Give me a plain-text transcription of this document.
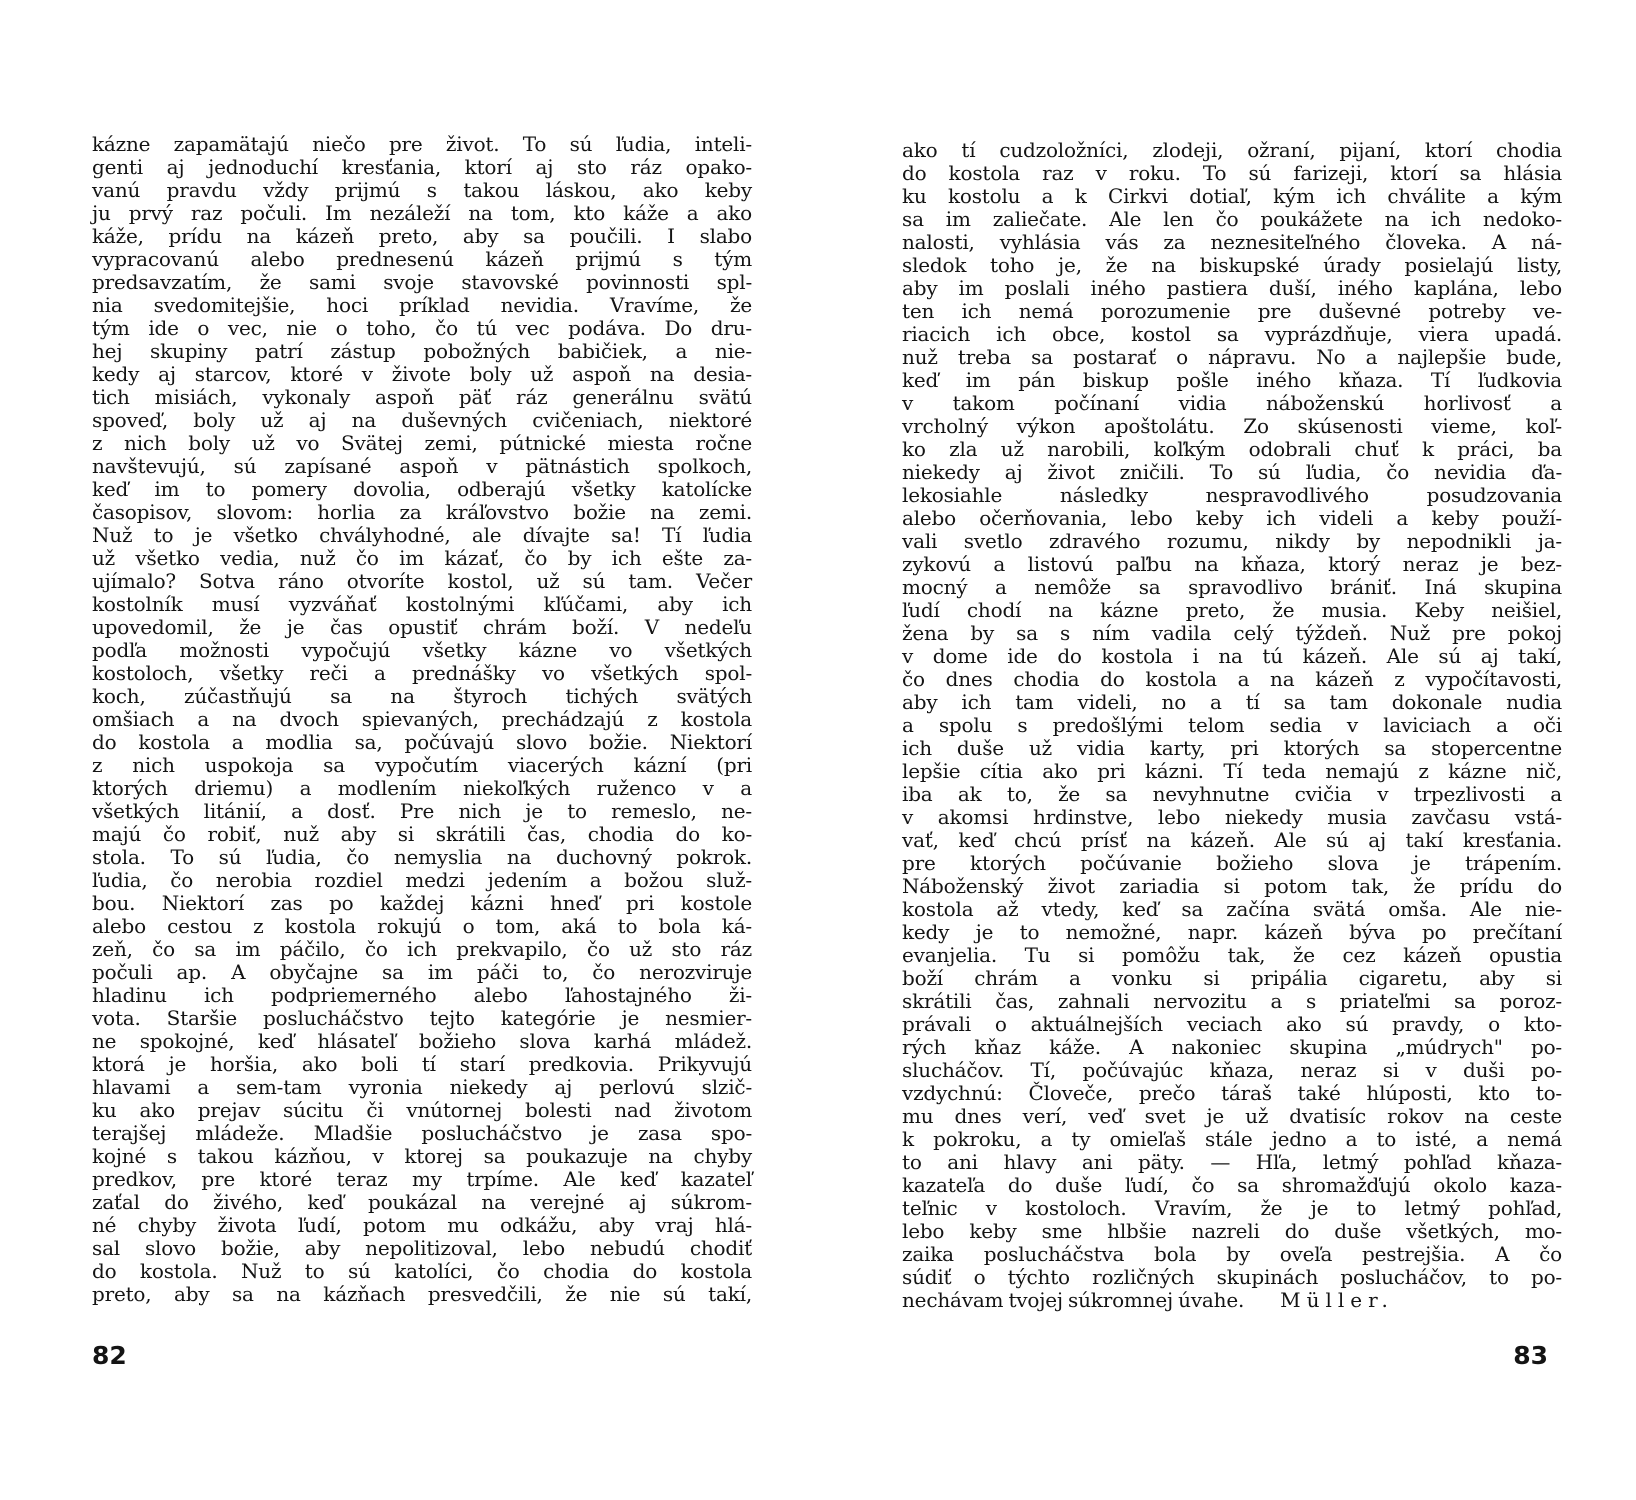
kázne zapamätajú niečo pre život. To sú ľudia, inteli-
genti aj jednoduchí kresťania, ktorí aj sto ráz opako-
vanú pravdu vždy prijmú s takou láskou, ako keby
ju prvý raz počuli. Im nezáleží na tom, kto káže a ako
káže, prídu na kázeň preto, aby sa poučili. I slabo
vypracovanú alebo prednesenú kázeň prijmú s tým
predsavzatím, že sami svoje stavovské povinnosti spl-
nia svedomitejšie, hoci príklad nevidia. Vravíme, že
tým ide o vec, nie o toho, čo tú vec podáva. Do dru-
hej skupiny patrí zástup pobožných babičiek, a nie-
kedy aj starcov, ktoré v živote boly už aspoň na desia-
tich misiách, vykonaly aspoň päť ráz generálnu svätú
spoveď, boly už aj na duševných cvičeniach, niektoré
z nich boly už vo Svätej zemi, pútnické miesta ročne
navštevujú, sú zapísané aspoň v pätnástich spolkoch,
keď im to pomery dovolia, odberajú všetky katolícke
časopisov, slovom: horlia za kráľovstvo božie na zemi.
Nuž to je všetko chvályhodné, ale dívajte sa! Tí ľudia
už všetko vedia, nuž čo im kázať, čo by ich ešte za-
ujímalo? Sotva ráno otvoríte kostol, už sú tam. Večer
kostolník musí vyzváňať kostolnými kľúčami, aby ich
upovedomil, že je čas opustiť chrám boží. V nedeľu
podľa možnosti vypočujú všetky kázne vo všetkých
kostoloch, všetky reči a prednášky vo všetkých spol-
koch, zúčastňujú sa na štyroch tichých svätých
omšiach a na dvoch spievaných, prechádzajú z kostola
do kostola a modlia sa, počúvajú slovo božie. Niektorí
z nich uspokoja sa vypočutím viacerých kázní (pri
ktorých driemu) a modlením niekoľkých ruženco v a
všetkých litánií, a dosť. Pre nich je to remeslo, ne-
majú čo robiť, nuž aby si skrátili čas, chodia do ko-
stola. To sú ľudia, čo nemyslia na duchovný pokrok.
ľudia, čo nerobia rozdiel medzi jedením a božou služ-
bou. Niektorí zas po každej kázni hneď pri kostole
alebo cestou z kostola rokujú o tom, aká to bola ká-
zeň, čo sa im páčilo, čo ich prekvapilo, čo už sto ráz
počuli ap. A obyčajne sa im páči to, čo nerozviruje
hladinu ich podpriemerného alebo ľahostajného ži-
vota. Staršie poslucháčstvo tejto kategórie je nesmier-
ne spokojné, keď hlásateľ božieho slova karhá mládež.
ktorá je horšia, ako boli tí starí predkovia. Prikyvujú
hlavami a sem-tam vyronia niekedy aj perlovú slzič-
ku ako prejav súcitu či vnútornej bolesti nad životom
terajšej mládeže. Mladšie poslucháčstvo je zasa spo-
kojné s takou kázňou, v ktorej sa poukazuje na chyby
predkov, pre ktoré teraz my trpíme. Ale keď kazateľ
zaťal do živého, keď poukázal na verejné aj súkrom-
né chyby života ľudí, potom mu odkážu, aby vraj hlá-
sal slovo božie, aby nepolitizoval, lebo nebudú chodiť
do kostola. Nuž to sú katolíci, čo chodia do kostola
preto, aby sa na kázňach presvedčili, že nie sú takí,
82
ako tí cudzoložníci, zlodeji, ožraní, pijaní, ktorí chodia
do kostola raz v roku. To sú farizeji, ktorí sa hlásia
ku kostolu a k Cirkvi dotiaľ, kým ich chválite a kým
sa im zaliečate. Ale len čo poukážete na ich nedoko-
nalosti, vyhlásia vás za neznesiteľného človeka. A ná-
sledok toho je, že na biskupské úrady posielajú listy,
aby im poslali iného pastiera duší, iného kaplána, lebo
ten ich nemá porozumenie pre duševné potreby ve-
riacich ich obce, kostol sa vyprázdňuje, viera upadá.
nuž treba sa postarať o nápravu. No a najlepšie bude,
keď im pán biskup pošle iného kňaza. Tí ľudkovia
v takom počínaní vidia náboženskú horlivosť a
vrcholný výkon apoštolátu. Zo skúsenosti vieme, koľ-
ko zla už narobili, koľkým odobrali chuť k práci, ba
niekedy aj život zničili. To sú ľudia, čo nevidia ďa-
lekosiahle následky nespravodlivého posudzovania
alebo očerňovania, lebo keby ich videli a keby použí-
vali svetlo zdravého rozumu, nikdy by nepodnikli ja-
zykovú a listovú paľbu na kňaza, ktorý neraz je bez-
mocný a nemôže sa spravodlivo brániť. Iná skupina
ľudí chodí na kázne preto, že musia. Keby neišiel,
žena by sa s ním vadila celý týždeň. Nuž pre pokoj
v dome ide do kostola i na tú kázeň. Ale sú aj takí,
čo dnes chodia do kostola a na kázeň z vypočítavosti,
aby ich tam videli, no a tí sa tam dokonale nudia
a spolu s predošlými telom sedia v laviciach a oči
ich duše už vidia karty, pri ktorých sa stopercentne
lepšie cítia ako pri kázni. Tí teda nemajú z kázne nič,
iba ak to, že sa nevyhnutne cvičia v trpezlivosti a
v akomsi hrdinstve, lebo niekedy musia zavčasu vstá-
vať, keď chcú prísť na kázeň. Ale sú aj takí kresťania.
pre ktorých počúvanie božieho slova je trápením.
Náboženský život zariadia si potom tak, že prídu do
kostola až vtedy, keď sa začína svätá omša. Ale nie-
kedy je to nemožné, napr. kázeň býva po prečítaní
evanjelia. Tu si pomôžu tak, že cez kázeň opustia
boží chrám a vonku si pripália cigaretu, aby si
skrátili čas, zahnali nervozitu a s priateľmi sa poroz-
právali o aktuálnejších veciach ako sú pravdy, o kto-
rých kňaz káže. A nakoniec skupina „múdrych" po-
slucháčov. Tí, počúvajúc kňaza, neraz si v duši po-
vzdychnú: Človeče, prečo táraš také hlúposti, kto to-
mu dnes verí, veď svet je už dvatisíc rokov na ceste
k pokroku, a ty omieľaš stále jedno a to isté, a nemá
to ani hlavy ani päty. — Hľa, letmý pohľad kňaza-
kazateľa do duše ľudí, čo sa shromažďujú okolo kaza-
teľnic v kostoloch. Vravím, že je to letmý pohľad,
lebo keby sme hlbšie nazreli do duše všetkých, mo-
zaika poslucháčstva bola by oveľa pestrejšia. A čo
súdiť o týchto rozličných skupinách poslucháčov, to po-
nechávam tvojej súkromnej úvahe. Müller.
83
